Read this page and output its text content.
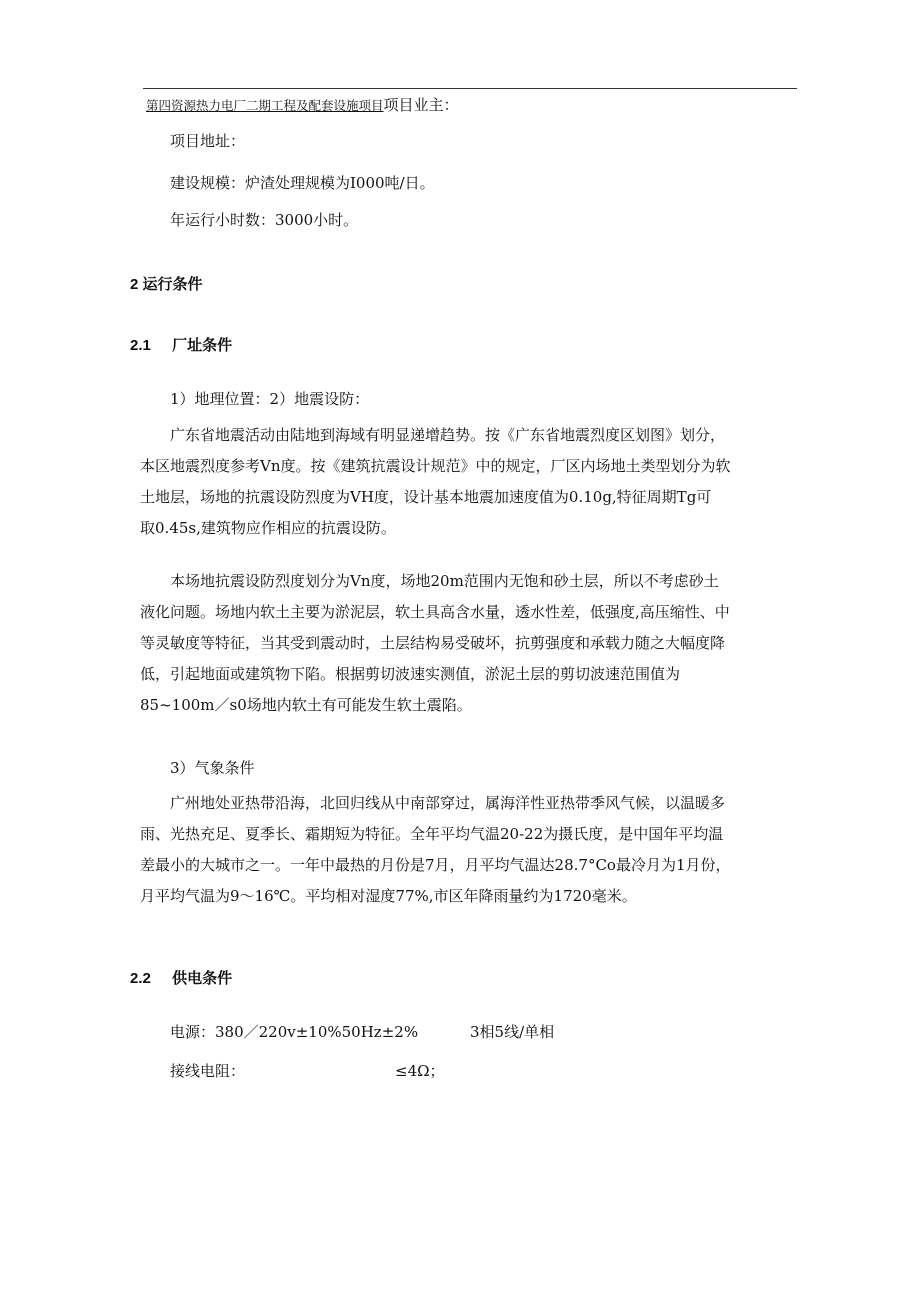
第四资源热力电厂二期工程及配套设施项目项目业主：
项目地址：
建设规模：炉渣处理规模为I000吨/日。
年运行小时数：3000小时。
2 运行条件
2.1 厂址条件
1）地理位置：2）地震设防：
广东省地震活动由陆地到海域有明显递增趋势。按《广东省地震烈度区划图》划分，
本区地震烈度参考Vn度。按《建筑抗震设计规范》中的规定，厂区内场地土类型划分为软
土地层，场地的抗震设防烈度为VH度，设计基本地震加速度值为0.10g,特征周期Tg可
取0.45s,建筑物应作相应的抗震设防。
本场地抗震设防烈度划分为Vn度，场地20m范围内无饱和砂土层，所以不考虑砂土
液化问题。场地内软土主要为淤泥层，软土具高含水量，透水性差，低强度,高压缩性、中
等灵敏度等特征，当其受到震动时，土层结构易受破坏，抗剪强度和承载力随之大幅度降
低，引起地面或建筑物下陷。根据剪切波速实测值，淤泥土层的剪切波速范围值为
85~100m／s0场地内软土有可能发生软土震陷。
3）气象条件
广州地处亚热带沿海，北回归线从中南部穿过，属海洋性亚热带季风气候，以温暖多
雨、光热充足、夏季长、霜期短为特征。全年平均气温20-22为摄氏度，是中国年平均温
差最小的大城市之一。一年中最热的月份是7月，月平均气温达28.7°Co最冷月为1月份，
月平均气温为9～16℃。平均相对湿度77%,市区年降雨量约为1720毫米。
2.2 供电条件
电源：380／220v±10%50Hz±2%	3相5线/单相
接线电阻：	≤4Ω；
